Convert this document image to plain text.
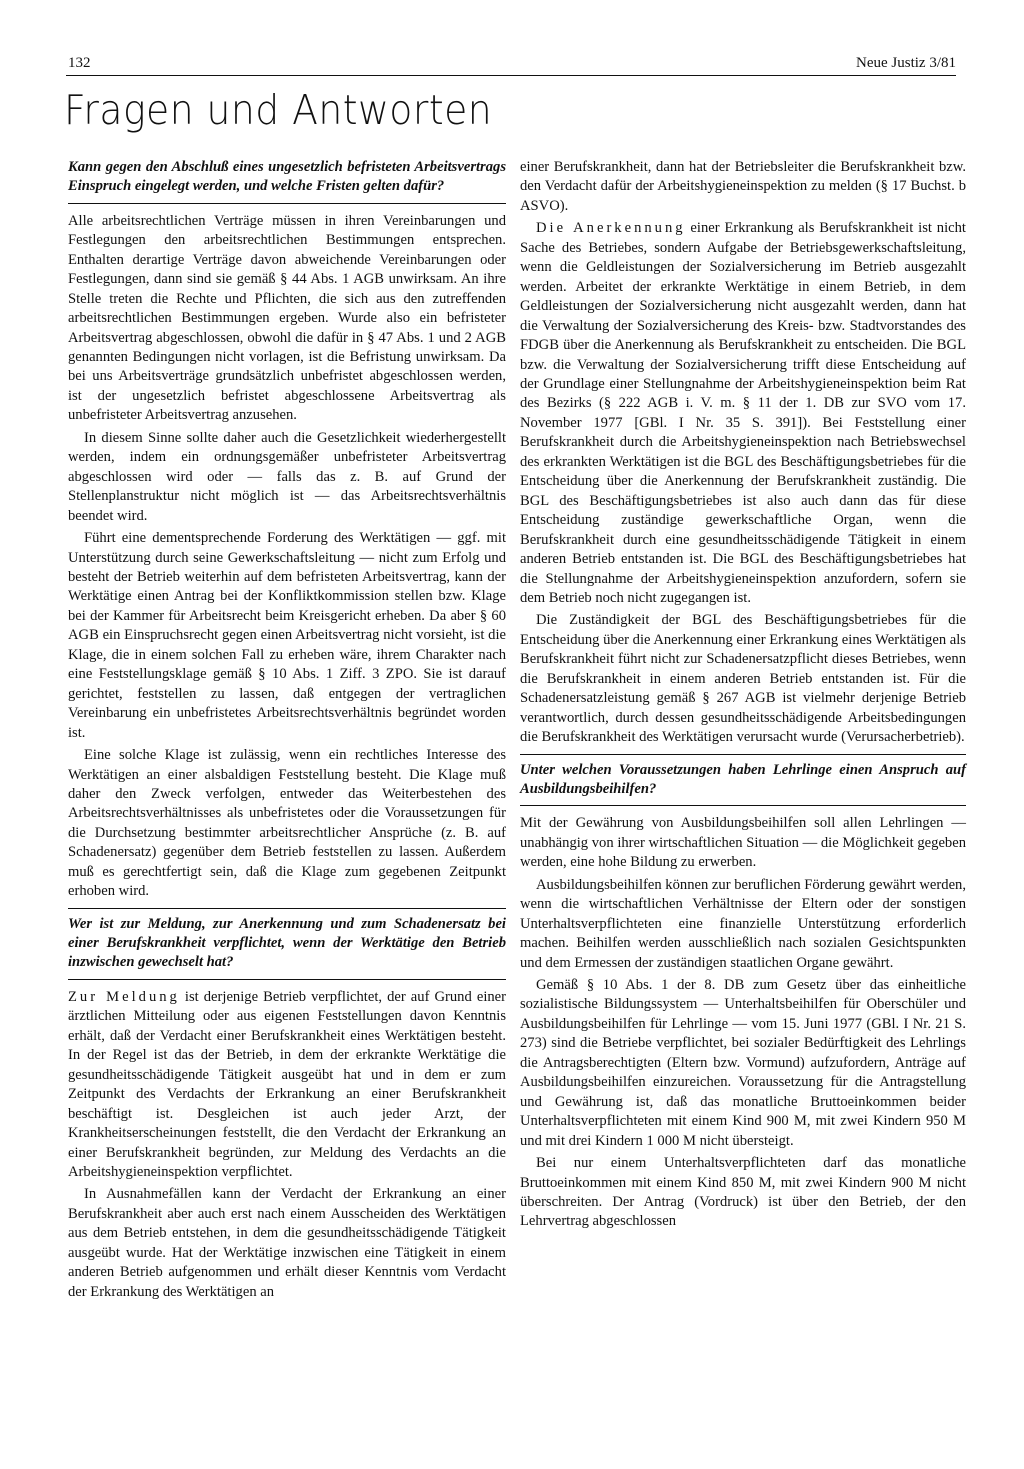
132	Neue Justiz 3/81
Fragen und Antworten

Kann gegen den Abschluß eines ungesetzlich befristeten Arbeitsvertrags Einspruch eingelegt werden, und welche Fristen gelten dafür?

Alle arbeitsrechtlichen Verträge müssen in ihren Vereinbarungen und Festlegungen den arbeitsrechtlichen Bestimmungen entsprechen. Enthalten derartige Verträge davon abweichende Vereinbarungen oder Festlegungen, dann sind sie gemäß § 44 Abs. 1 AGB unwirksam. An ihre Stelle treten die Rechte und Pflichten, die sich aus den zutreffenden arbeitsrechtlichen Bestimmungen ergeben. Wurde also ein befristeter Arbeitsvertrag abgeschlossen, obwohl die dafür in § 47 Abs. 1 und 2 AGB genannten Bedingungen nicht vorlagen, ist die Befristung unwirksam. Da bei uns Arbeitsverträge grundsätzlich unbefristet abgeschlossen werden, ist der ungesetzlich befristet abgeschlossene Arbeitsvertrag als unbefristeter Arbeitsvertrag anzusehen.

In diesem Sinne sollte daher auch die Gesetzlichkeit wiederhergestellt werden, indem ein ordnungsgemäßer unbefristeter Arbeitsvertrag abgeschlossen wird oder — falls das z. B. auf Grund der Stellenplanstruktur nicht möglich ist — das Arbeitsrechtsverhältnis beendet wird.

Führt eine dementsprechende Forderung des Werktätigen — ggf. mit Unterstützung durch seine Gewerkschaftsleitung — nicht zum Erfolg und besteht der Betrieb weiterhin auf dem befristeten Arbeitsvertrag, kann der Werktätige einen Antrag bei der Konfliktkommission stellen bzw. Klage bei der Kammer für Arbeitsrecht beim Kreisgericht erheben. Da aber § 60 AGB ein Einspruchsrecht gegen einen Arbeitsvertrag nicht vorsieht, ist die Klage, die in einem solchen Fall zu erheben wäre, ihrem Charakter nach eine Feststellungsklage gemäß § 10 Abs. 1 Ziff. 3 ZPO. Sie ist darauf gerichtet, feststellen zu lassen, daß entgegen der vertraglichen Vereinbarung ein unbefristetes Arbeitsrechtsverhältnis begründet worden ist.

Eine solche Klage ist zulässig, wenn ein rechtliches Interesse des Werktätigen an einer alsbaldigen Feststellung besteht. Die Klage muß daher den Zweck verfolgen, entweder das Weiterbestehen des Arbeitsrechtsverhältnisses als unbefristetes oder die Voraussetzungen für die Durchsetzung bestimmter arbeitsrechtlicher Ansprüche (z. B. auf Schadenersatz) gegenüber dem Betrieb feststellen zu lassen. Außerdem muß es gerechtfertigt sein, daß die Klage zum gegebenen Zeitpunkt erhoben wird.

Wer ist zur Meldung, zur Anerkennung und zum Schadenersatz bei einer Berufskrankheit verpflichtet, wenn der Werktätige den Betrieb inzwischen gewechselt hat?

Zur Meldung ist derjenige Betrieb verpflichtet, der auf Grund einer ärztlichen Mitteilung oder aus eigenen Feststellungen davon Kenntnis erhält, daß der Verdacht einer Berufskrankheit eines Werktätigen besteht. In der Regel ist das der Betrieb, in dem der erkrankte Werktätige die gesundheitsschädigende Tätigkeit ausgeübt hat und in dem er zum Zeitpunkt des Verdachts der Erkrankung an einer Berufskrankheit beschäftigt ist. Desgleichen ist auch jeder Arzt, der Krankheitserscheinungen feststellt, die den Verdacht der Erkrankung an einer Berufskrankheit begründen, zur Meldung des Verdachts an die Arbeitshygieneinspektion verpflichtet.

In Ausnahmefällen kann der Verdacht der Erkrankung an einer Berufskrankheit aber auch erst nach einem Ausscheiden des Werktätigen aus dem Betrieb entstehen, in dem die gesundheitsschädigende Tätigkeit ausgeübt wurde. Hat der Werktätige inzwischen eine Tätigkeit in einem anderen Betrieb aufgenommen und erhält dieser Kenntnis vom Verdacht der Erkrankung des Werktätigen an

einer Berufskrankheit, dann hat der Betriebsleiter die Berufskrankheit bzw. den Verdacht dafür der Arbeitshygieneinspektion zu melden (§ 17 Buchst. b ASVO).

Die Anerkennung einer Erkrankung als Berufskrankheit ist nicht Sache des Betriebes, sondern Aufgabe der Betriebsgewerkschaftsleitung, wenn die Geldleistungen der Sozialversicherung im Betrieb ausgezahlt werden. Arbeitet der erkrankte Werktätige in einem Betrieb, in dem Geldleistungen der Sozialversicherung nicht ausgezahlt werden, dann hat die Verwaltung der Sozialversicherung des Kreis- bzw. Stadtvorstandes des FDGB über die Anerkennung als Berufskrankheit zu entscheiden. Die BGL bzw. die Verwaltung der Sozialversicherung trifft diese Entscheidung auf der Grundlage einer Stellungnahme der Arbeitshygieneinspektion beim Rat des Bezirks (§ 222 AGB i. V. m. § 11 der 1. DB zur SVO vom 17. November 1977 [GBl. I Nr. 35 S. 391]). Bei Feststellung einer Berufskrankheit durch die Arbeitshygieneinspektion nach Betriebswechsel des erkrankten Werktätigen ist die BGL des Beschäftigungsbetriebes für die Entscheidung über die Anerkennung der Berufskrankheit zuständig. Die BGL des Beschäftigungsbetriebes ist also auch dann das für diese Entscheidung zuständige gewerkschaftliche Organ, wenn die Berufskrankheit durch eine gesundheitsschädigende Tätigkeit in einem anderen Betrieb entstanden ist. Die BGL des Beschäftigungsbetriebes hat die Stellungnahme der Arbeitshygieneinspektion anzufordern, sofern sie dem Betrieb noch nicht zugegangen ist.

Die Zuständigkeit der BGL des Beschäftigungsbetriebes für die Entscheidung über die Anerkennung einer Erkrankung eines Werktätigen als Berufskrankheit führt nicht zur Schadenersatzpflicht dieses Betriebes, wenn die Berufskrankheit in einem anderen Betrieb entstanden ist. Für die Schadenersatzleistung gemäß § 267 AGB ist vielmehr derjenige Betrieb verantwortlich, durch dessen gesundheitsschädigende Arbeitsbedingungen die Berufskrankheit des Werktätigen verursacht wurde (Verursacherbetrieb).

Unter welchen Voraussetzungen haben Lehrlinge einen Anspruch auf Ausbildungsbeihilfen?

Mit der Gewährung von Ausbildungsbeihilfen soll allen Lehrlingen — unabhängig von ihrer wirtschaftlichen Situation — die Möglichkeit gegeben werden, eine hohe Bildung zu erwerben.

Ausbildungsbeihilfen können zur beruflichen Förderung gewährt werden, wenn die wirtschaftlichen Verhältnisse der Eltern oder der sonstigen Unterhaltsverpflichteten eine finanzielle Unterstützung erforderlich machen. Beihilfen werden ausschließlich nach sozialen Gesichtspunkten und dem Ermessen der zuständigen staatlichen Organe gewährt.

Gemäß § 10 Abs. 1 der 8. DB zum Gesetz über das einheitliche sozialistische Bildungssystem — Unterhaltsbeihilfen für Oberschüler und Ausbildungsbeihilfen für Lehrlinge — vom 15. Juni 1977 (GBl. I Nr. 21 S. 273) sind die Betriebe verpflichtet, bei sozialer Bedürftigkeit des Lehrlings die Antragsberechtigten (Eltern bzw. Vormund) aufzufordern, Anträge auf Ausbildungsbeihilfen einzureichen. Voraussetzung für die Antragstellung und Gewährung ist, daß das monatliche Bruttoeinkommen beider Unterhaltsverpflichteten mit einem Kind 900 M, mit zwei Kindern 950 M und mit drei Kindern 1 000 M nicht übersteigt.

Bei nur einem Unterhaltsverpflichteten darf das monatliche Bruttoeinkommen mit einem Kind 850 M, mit zwei Kindern 900 M nicht überschreiten. Der Antrag (Vordruck) ist über den Betrieb, der den Lehrvertrag abgeschlossen
